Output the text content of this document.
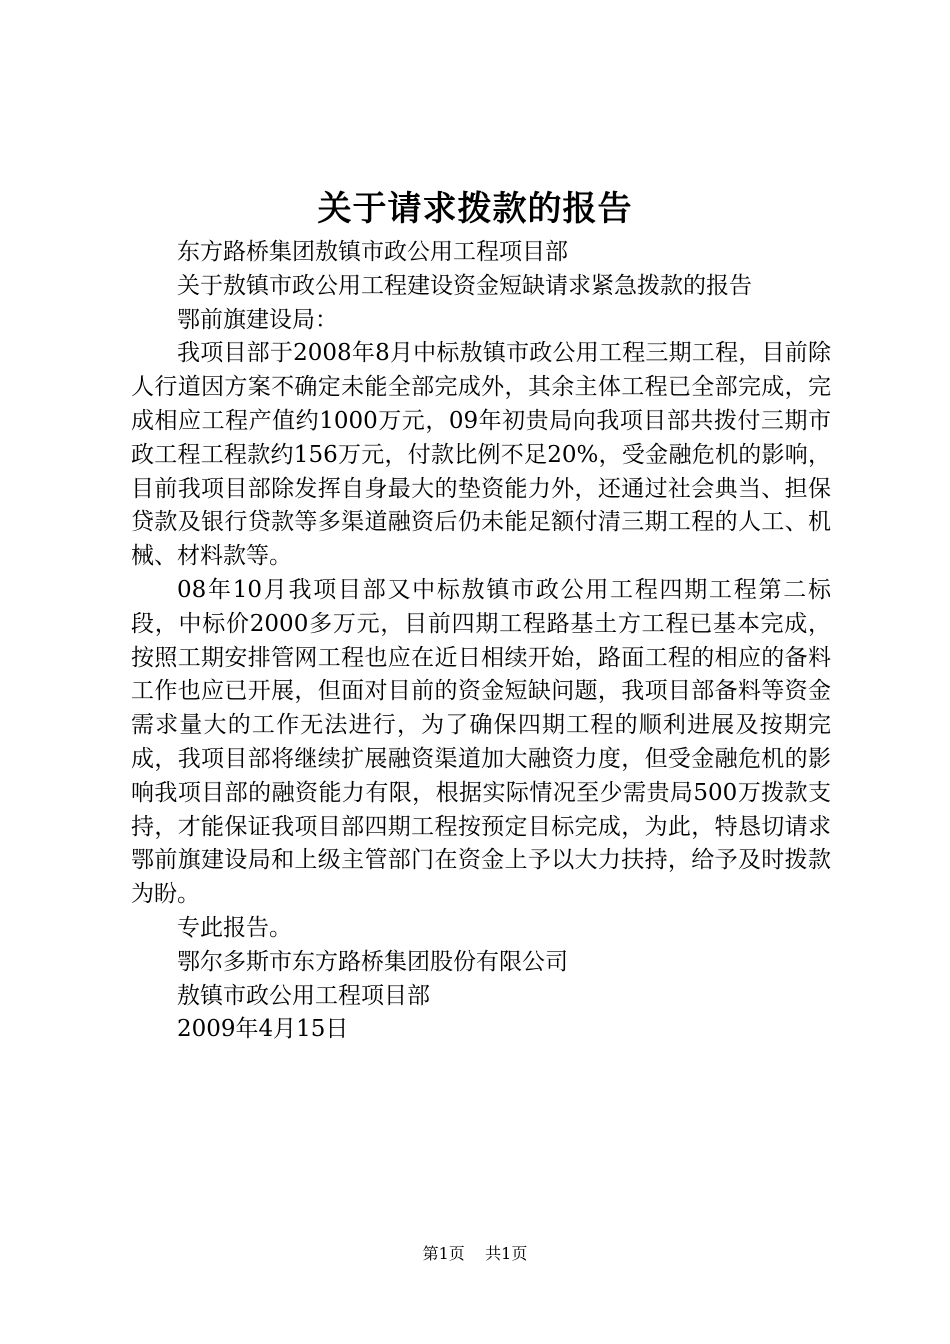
关于请求拨款的报告

东方路桥集团敖镇市政公用工程项目部

关于敖镇市政公用工程建设资金短缺请求紧急拨款的报告

鄂前旗建设局：

我项目部于2008年8月中标敖镇市政公用工程三期工程，目前除人行道因方案不确定未能全部完成外，其余主体工程已全部完成，完成相应工程产值约1000万元，09年初贵局向我项目部共拨付三期市政工程工程款约156万元，付款比例不足20%，受金融危机的影响，目前我项目部除发挥自身最大的垫资能力外，还通过社会典当、担保贷款及银行贷款等多渠道融资后仍未能足额付清三期工程的人工、机械、材料款等。

08年10月我项目部又中标敖镇市政公用工程四期工程第二标段，中标价2000多万元，目前四期工程路基土方工程已基本完成，按照工期安排管网工程也应在近日相续开始，路面工程的相应的备料工作也应已开展，但面对目前的资金短缺问题，我项目部备料等资金需求量大的工作无法进行，为了确保四期工程的顺利进展及按期完成，我项目部将继续扩展融资渠道加大融资力度，但受金融危机的影响我项目部的融资能力有限，根据实际情况至少需贵局500万拨款支持，才能保证我项目部四期工程按预定目标完成，为此，特恳切请求鄂前旗建设局和上级主管部门在资金上予以大力扶持，给予及时拨款为盼。

专此报告。

鄂尔多斯市东方路桥集团股份有限公司

敖镇市政公用工程项目部

2009年4月15日

第1页 共1页
